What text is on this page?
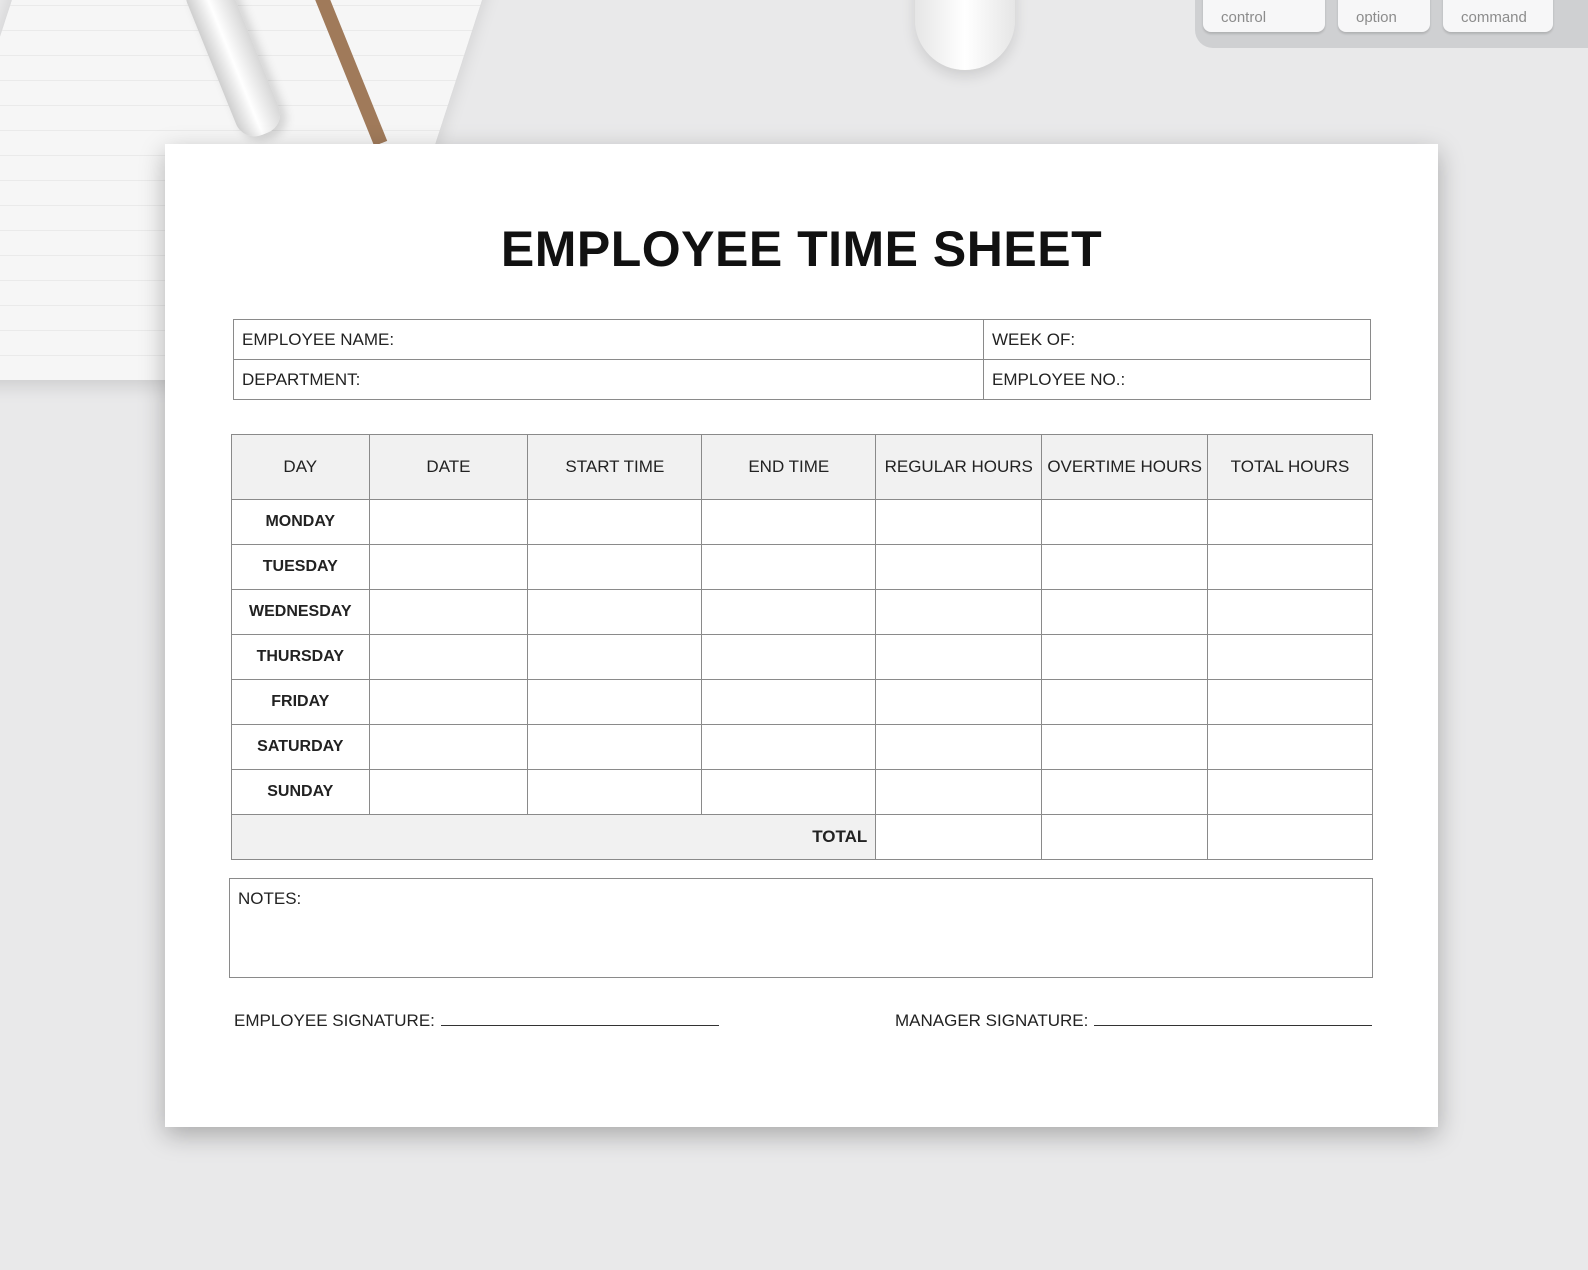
control	option	command
EMPLOYEE TIME SHEET
EMPLOYEE NAME:	WEEK OF:
DEPARTMENT:	EMPLOYEE NO.:
DAY	DATE	START TIME	END TIME	REGULAR HOURS	OVERTIME HOURS	TOTAL HOURS
MONDAY						
TUESDAY						
WEDNESDAY						
THURSDAY						
FRIDAY						
SATURDAY						
SUNDAY						
TOTAL						
NOTES:
EMPLOYEE SIGNATURE:	MANAGER SIGNATURE:
